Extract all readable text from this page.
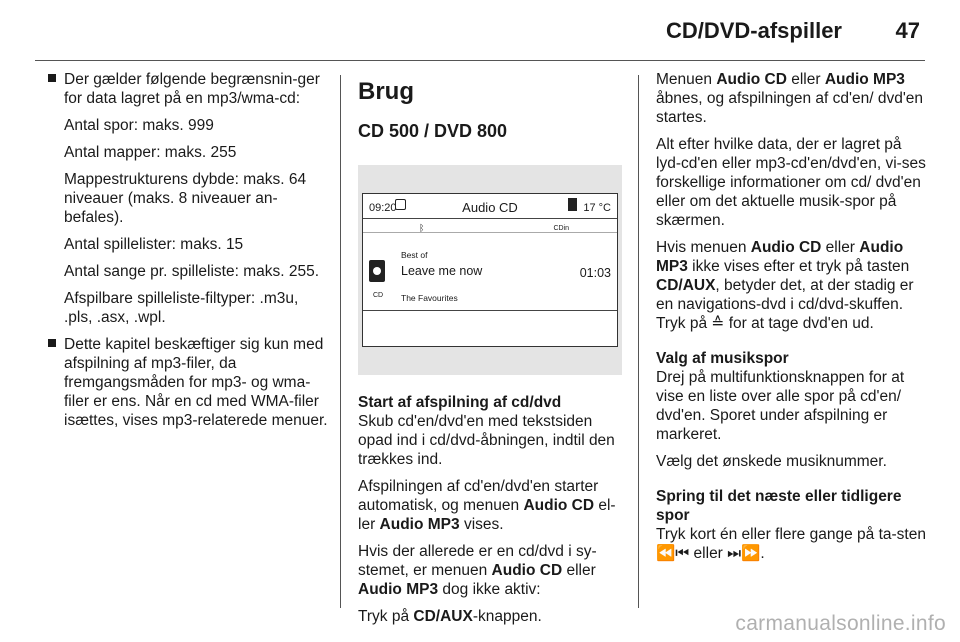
CD/DVD-afspiller 47

Der gælder følgende begrænsnin-ger for data lagret på en mp3/wma-cd:

Antal spor: maks. 999

Antal mapper: maks. 255

Mappestrukturens dybde: maks. 64 niveauer (maks. 8 niveauer an-befales).

Antal spillelister: maks. 15

Antal sange pr. spilleliste: maks. 255.

Afspilbare spilleliste-filtyper: .m3u, .pls, .asx, .wpl.

Dette kapitel beskæftiger sig kun med afspilning af mp3-filer, da fremgangsmåden for mp3- og wma-filer er ens. Når en cd med WMA-filer isættes, vises mp3-relaterede menuer.

Brug
CD 500 / DVD 800
09:20	Audio CD	17 °C
ᛒ	CDin
Best of
CD
Leave me now	01:03
The Favourites
Start af afspilning af cd/dvd

Skub cd'en/dvd'en med tekstsiden opad ind i cd/dvd-åbningen, indtil den trækkes ind.

Afspilningen af cd'en/dvd'en starter automatisk, og menuen Audio CD el-ler Audio MP3 vises.

Hvis der allerede er en cd/dvd i sy-stemet, er menuen Audio CD eller Audio MP3 dog ikke aktiv:

Tryk på CD/AUX-knappen.

Menuen Audio CD eller Audio MP3 åbnes, og afspilningen af cd'en/ dvd'en startes.

Alt efter hvilke data, der er lagret på lyd-cd'en eller mp3-cd'en/dvd'en, vi-ses forskellige informationer om cd/ dvd'en eller om det aktuelle musik-spor på skærmen.

Hvis menuen Audio CD eller Audio MP3 ikke vises efter et tryk på tasten CD/AUX, betyder det, at der stadig er en navigations-dvd i cd/dvd-skuffen. Tryk på ≙ for at tage dvd'en ud.

Valg af musikspor

Drej på multifunktionsknappen for at vise en liste over alle spor på cd'en/ dvd'en. Sporet under afspilning er markeret.

Vælg det ønskede musiknummer.

Spring til det næste eller tidligere spor

Tryk kort én eller flere gange på ta-sten ⏪⏮ eller ⏭⏩.

carmanualsonline.info
